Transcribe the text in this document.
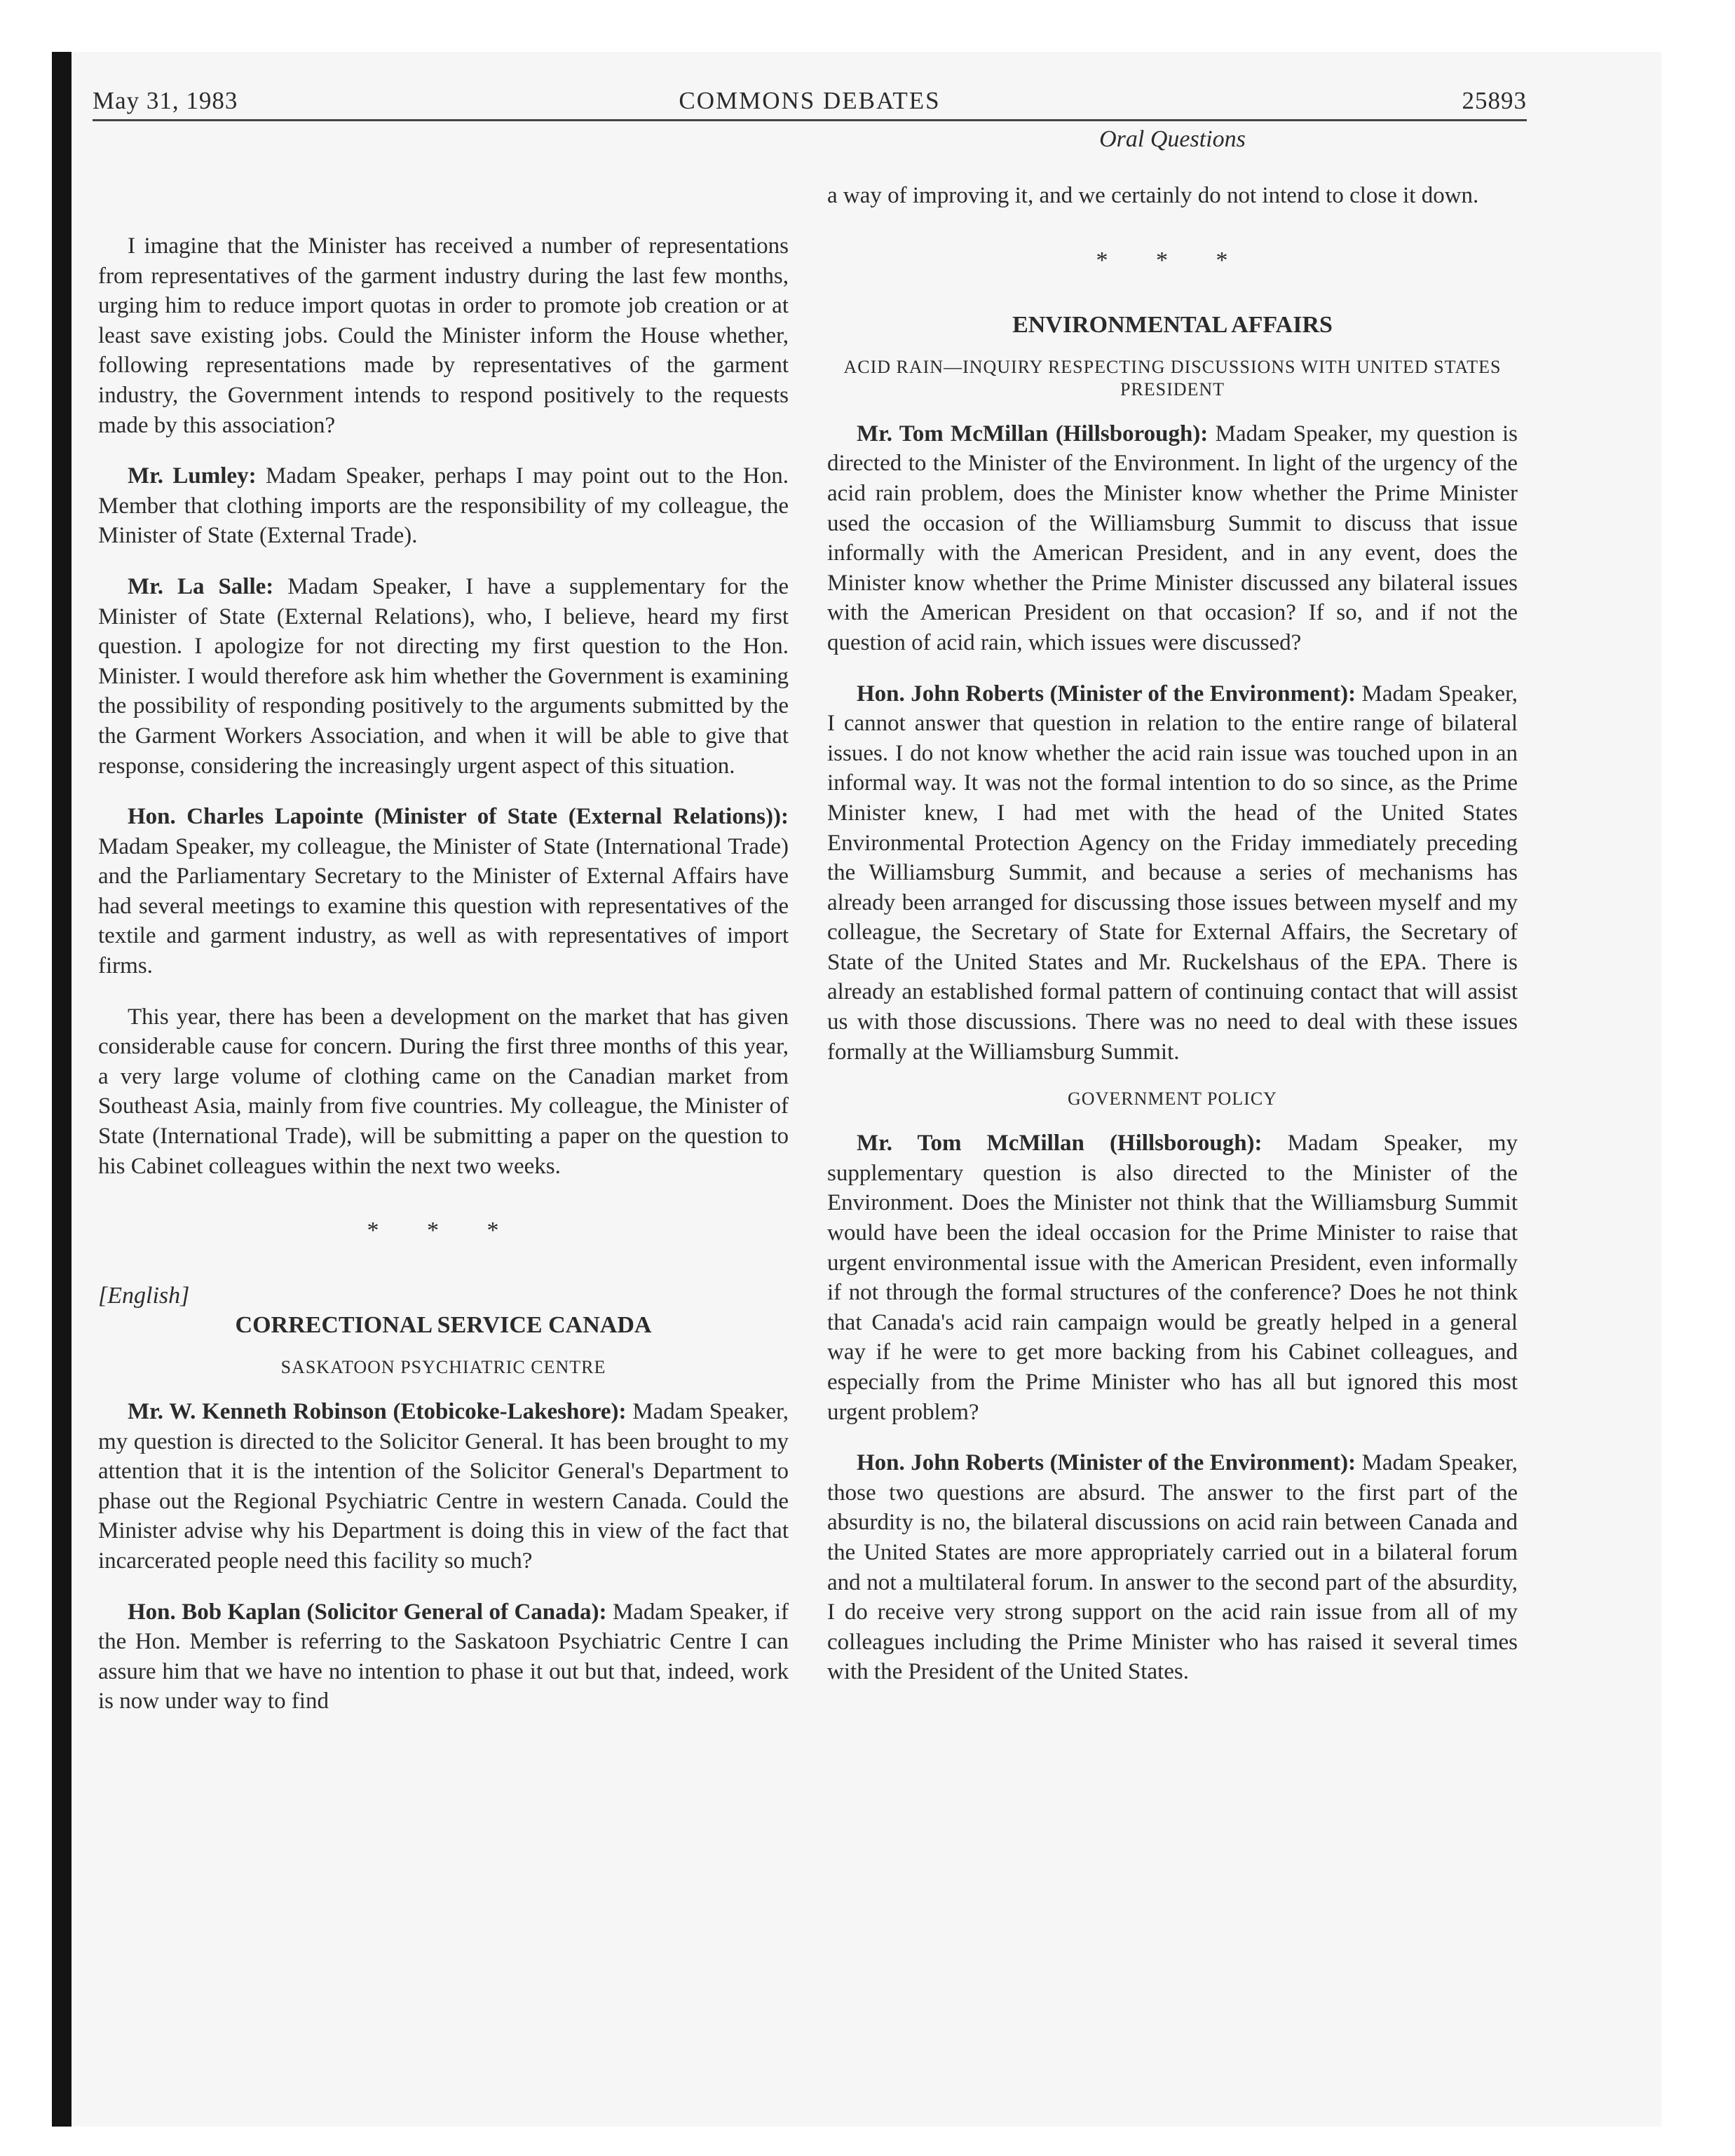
May 31, 1983	COMMONS DEBATES	25893

I imagine that the Minister has received a number of representations from representatives of the garment industry during the last few months, urging him to reduce import quotas in order to promote job creation or at least save existing jobs. Could the Minister inform the House whether, following representations made by representatives of the garment industry, the Government intends to respond positively to the requests made by this association?

Mr. Lumley: Madam Speaker, perhaps I may point out to the Hon. Member that clothing imports are the responsibility of my colleague, the Minister of State (External Trade).

Mr. La Salle: Madam Speaker, I have a supplementary for the Minister of State (External Relations), who, I believe, heard my first question. I apologize for not directing my first question to the Hon. Minister. I would therefore ask him whether the Government is examining the possibility of responding positively to the arguments submitted by the the Garment Workers Association, and when it will be able to give that response, considering the increasingly urgent aspect of this situation.

Hon. Charles Lapointe (Minister of State (External Relations)): Madam Speaker, my colleague, the Minister of State (International Trade) and the Parliamentary Secretary to the Minister of External Affairs have had several meetings to examine this question with representatives of the textile and garment industry, as well as with representatives of import firms.

This year, there has been a development on the market that has given considerable cause for concern. During the first three months of this year, a very large volume of clothing came on the Canadian market from Southeast Asia, mainly from five countries. My colleague, the Minister of State (International Trade), will be submitting a paper on the question to his Cabinet colleagues within the next two weeks.

* * *
[English]
CORRECTIONAL SERVICE CANADA
SASKATOON PSYCHIATRIC CENTRE

Mr. W. Kenneth Robinson (Etobicoke-Lakeshore): Madam Speaker, my question is directed to the Solicitor General. It has been brought to my attention that it is the intention of the Solicitor General's Department to phase out the Regional Psychiatric Centre in western Canada. Could the Minister advise why his Department is doing this in view of the fact that incarcerated people need this facility so much?

Hon. Bob Kaplan (Solicitor General of Canada): Madam Speaker, if the Hon. Member is referring to the Saskatoon Psychiatric Centre I can assure him that we have no intention to phase it out but that, indeed, work is now under way to find

Oral Questions

a way of improving it, and we certainly do not intend to close it down.

* * *
ENVIRONMENTAL AFFAIRS
ACID RAIN—INQUIRY RESPECTING DISCUSSIONS WITH UNITED STATES PRESIDENT

Mr. Tom McMillan (Hillsborough): Madam Speaker, my question is directed to the Minister of the Environment. In light of the urgency of the acid rain problem, does the Minister know whether the Prime Minister used the occasion of the Williamsburg Summit to discuss that issue informally with the American President, and in any event, does the Minister know whether the Prime Minister discussed any bilateral issues with the American President on that occasion? If so, and if not the question of acid rain, which issues were discussed?

Hon. John Roberts (Minister of the Environment): Madam Speaker, I cannot answer that question in relation to the entire range of bilateral issues. I do not know whether the acid rain issue was touched upon in an informal way. It was not the formal intention to do so since, as the Prime Minister knew, I had met with the head of the United States Environmental Protection Agency on the Friday immediately preceding the Williamsburg Summit, and because a series of mechanisms has already been arranged for discussing those issues between myself and my colleague, the Secretary of State for External Affairs, the Secretary of State of the United States and Mr. Ruckelshaus of the EPA. There is already an established formal pattern of continuing contact that will assist us with those discussions. There was no need to deal with these issues formally at the Williamsburg Summit.

GOVERNMENT POLICY

Mr. Tom McMillan (Hillsborough): Madam Speaker, my supplementary question is also directed to the Minister of the Environment. Does the Minister not think that the Williamsburg Summit would have been the ideal occasion for the Prime Minister to raise that urgent environmental issue with the American President, even informally if not through the formal structures of the conference? Does he not think that Canada's acid rain campaign would be greatly helped in a general way if he were to get more backing from his Cabinet colleagues, and especially from the Prime Minister who has all but ignored this most urgent problem?

Hon. John Roberts (Minister of the Environment): Madam Speaker, those two questions are absurd. The answer to the first part of the absurdity is no, the bilateral discussions on acid rain between Canada and the United States are more appropriately carried out in a bilateral forum and not a multilateral forum. In answer to the second part of the absurdity, I do receive very strong support on the acid rain issue from all of my colleagues including the Prime Minister who has raised it several times with the President of the United States.
